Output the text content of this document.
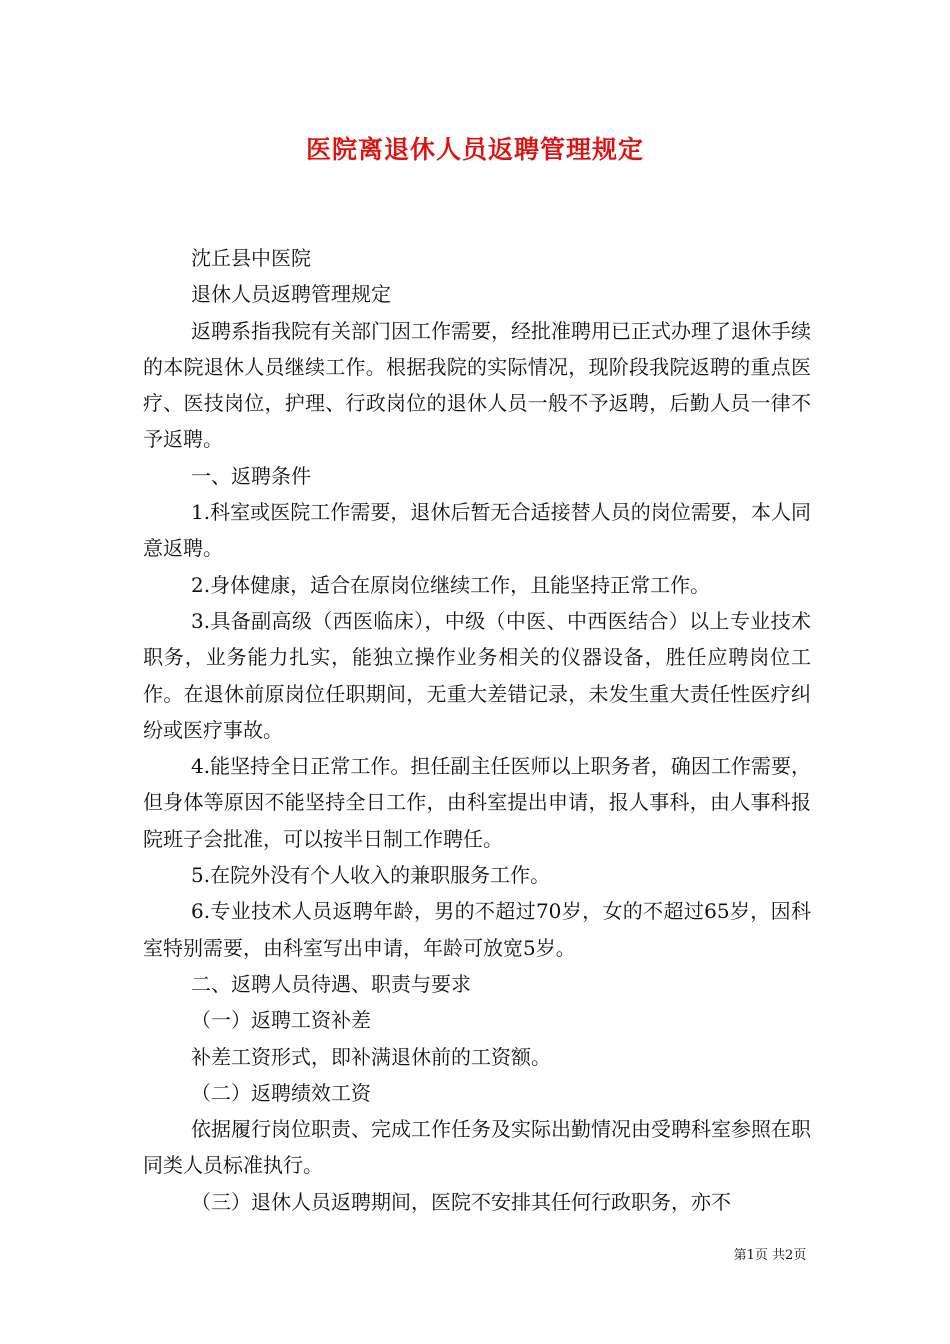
医院离退休人员返聘管理规定

沈丘县中医院

退休人员返聘管理规定

返聘系指我院有关部门因工作需要，经批准聘用已正式办理了退休手续的本院退休人员继续工作。根据我院的实际情况，现阶段我院返聘的重点医疗、医技岗位，护理、行政岗位的退休人员一般不予返聘，后勤人员一律不予返聘。

一、返聘条件

1.科室或医院工作需要，退休后暂无合适接替人员的岗位需要，本人同意返聘。

2.身体健康，适合在原岗位继续工作，且能坚持正常工作。

3.具备副高级（西医临床），中级（中医、中西医结合）以上专业技术职务，业务能力扎实，能独立操作业务相关的仪器设备，胜任应聘岗位工作。在退休前原岗位任职期间，无重大差错记录，未发生重大责任性医疗纠纷或医疗事故。

4.能坚持全日正常工作。担任副主任医师以上职务者，确因工作需要，但身体等原因不能坚持全日工作，由科室提出申请，报人事科，由人事科报院班子会批准，可以按半日制工作聘任。

5.在院外没有个人收入的兼职服务工作。

6.专业技术人员返聘年龄，男的不超过70岁，女的不超过65岁，因科室特别需要，由科室写出申请，年龄可放宽5岁。

二、返聘人员待遇、职责与要求

（一）返聘工资补差

补差工资形式，即补满退休前的工资额。

（二）返聘绩效工资

依据履行岗位职责、完成工作任务及实际出勤情况由受聘科室参照在职同类人员标准执行。

（三）退休人员返聘期间，医院不安排其任何行政职务，亦不

第1页 共2页
